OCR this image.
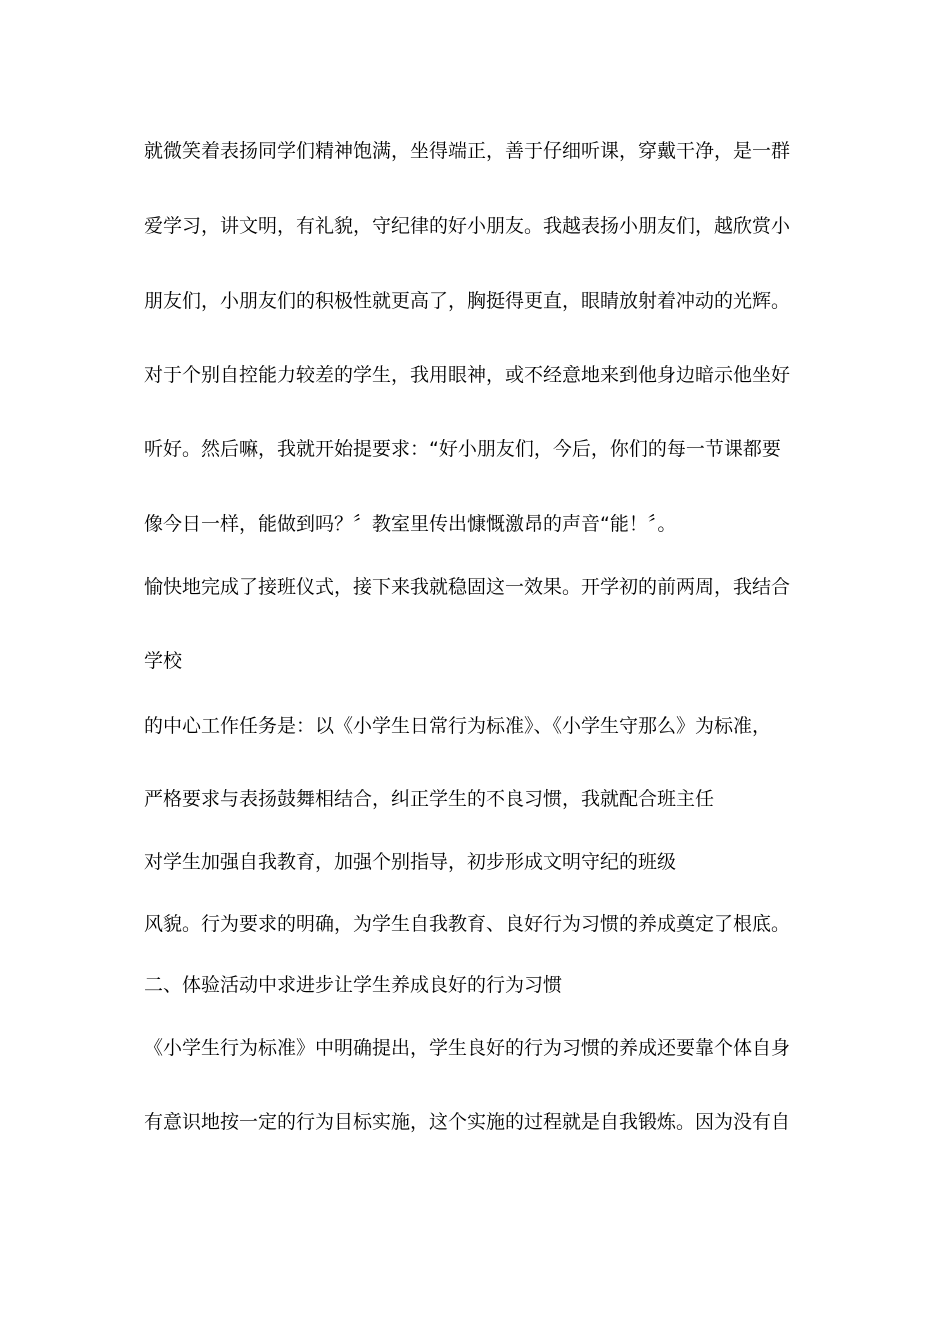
就微笑着表扬同学们精神饱满，坐得端正，善于仔细听课，穿戴干净，是一群
爱学习，讲文明，有礼貌，守纪律的好小朋友。我越表扬小朋友们，越欣赏小
朋友们，小朋友们的积极性就更高了，胸挺得更直，眼睛放射着冲动的光辉。
对于个别自控能力较差的学生，我用眼神，或不经意地来到他身边暗示他坐好
听好。然后嘛，我就开始提要求：“好小朋友们，今后，你们的每一节课都要
像今日一样，能做到吗？〞教室里传出慷慨激昂的声音“能！〞。
愉快地完成了接班仪式，接下来我就稳固这一效果。开学初的前两周，我结合
学校
的中心工作任务是：以《小学生日常行为标准》、《小学生守那么》为标准，
严格要求与表扬鼓舞相结合，纠正学生的不良习惯，我就配合班主任
对学生加强自我教育，加强个别指导，初步形成文明守纪的班级
风貌。行为要求的明确，为学生自我教育、良好行为习惯的养成奠定了根底。
二、体验活动中求进步让学生养成良好的行为习惯
《小学生行为标准》中明确提出，学生良好的行为习惯的养成还要靠个体自身
有意识地按一定的行为目标实施，这个实施的过程就是自我锻炼。因为没有自
